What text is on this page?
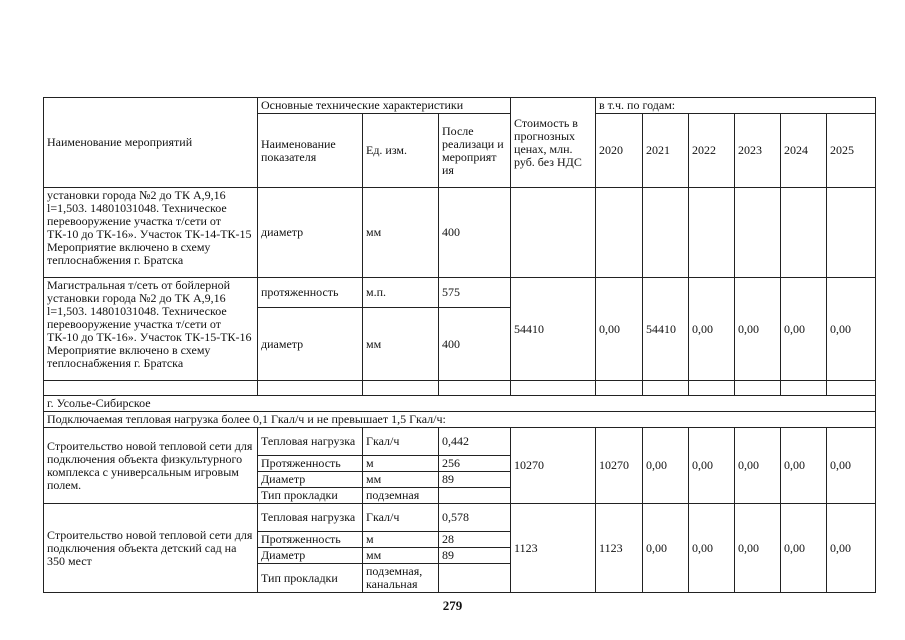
Наименование мероприятий	Основные технические характеристики			Стоимость в прогнозных ценах, млн. руб. без НДС	в т.ч. по годам:					
	Наименование показателя	Ед. изм.	После реализаци и мероприят ия		2020	2021	2022	2023	2024	2025
установки города №2 до ТК А,9,16 l=1,503. 14801031048. Техническое перевооружение участка т/сети от ТК-10 до ТК-16». Участок ТК-14-ТК-15 Мероприятие включено в схему теплоснабжения г. Братска	диаметр	мм	400							
Магистральная т/сеть от бойлерной установки города №2 до ТК А,9,16 l=1,503. 14801031048. Техническое перевооружение участка т/сети от ТК-10 до ТК-16». Участок ТК-15-ТК-16 Мероприятие включено в схему теплоснабжения г. Братска	протяженность	м.п.	575	54410	0,00	54410	0,00	0,00	0,00	0,00
	диаметр	мм	400							

г. Усолье-Сибирское										
Подключаемая тепловая нагрузка более 0,1 Гкал/ч и не превышает 1,5 Гкал/ч:										
Строительство новой тепловой сети для подключения объекта физкультурного комплекса с универсальным игровым полем.	Тепловая нагрузка	Гкал/ч	0,442	10270	10270	0,00	0,00	0,00	0,00	0,00
	Протяженность	м	256							
	Диаметр	мм	89							
	Тип прокладки	подземная								
Строительство новой тепловой сети для подключения объекта детский сад на 350 мест	Тепловая нагрузка	Гкал/ч	0,578	1123	1123	0,00	0,00	0,00	0,00	0,00
	Протяженность	м	28							
	Диаметр	мм	89							
	Тип прокладки	подземная, канальная								
279
